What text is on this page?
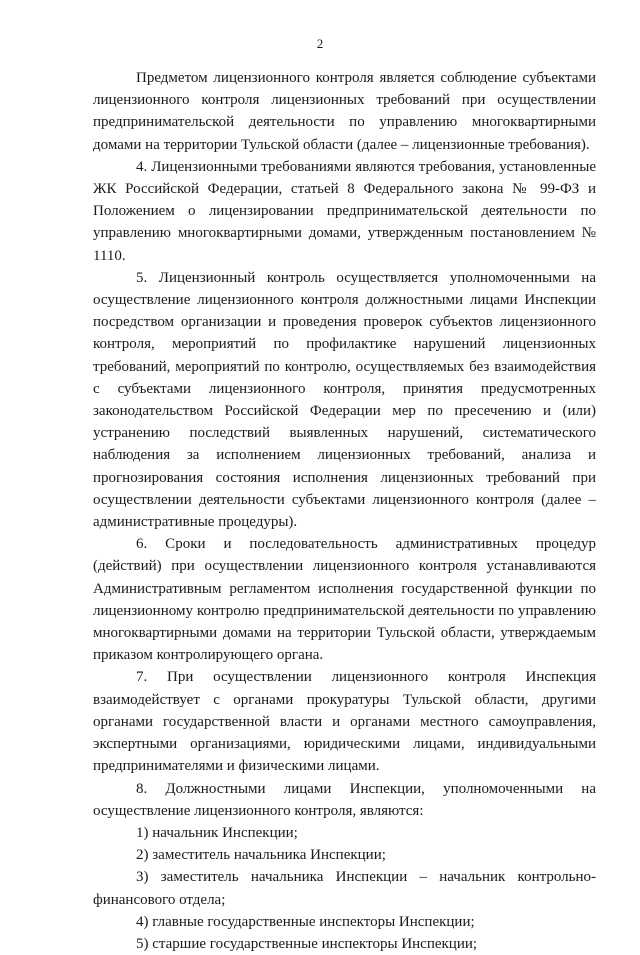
2

Предметом лицензионного контроля является соблюдение субъектами лицензионного контроля лицензионных требований при осуществлении предпринимательской деятельности по управлению многоквартирными домами на территории Тульской области (далее – лицензионные требования).

4. Лицензионными требованиями являются требования, установленные ЖК Российской Федерации, статьей 8 Федерального закона № 99-ФЗ и Положением о лицензировании предпринимательской деятельности по управлению многоквартирными домами, утвержденным постановлением № 1110.

5. Лицензионный контроль осуществляется уполномоченными на осуществление лицензионного контроля должностными лицами Инспекции посредством организации и проведения проверок субъектов лицензионного контроля, мероприятий по профилактике нарушений лицензионных требований, мероприятий по контролю, осуществляемых без взаимодействия с субъектами лицензионного контроля, принятия предусмотренных законодательством Российской Федерации мер по пресечению и (или) устранению последствий выявленных нарушений, систематического наблюдения за исполнением лицензионных требований, анализа и прогнозирования состояния исполнения лицензионных требований при осуществлении деятельности субъектами лицензионного контроля (далее – административные процедуры).

6. Сроки и последовательность административных процедур (действий) при осуществлении лицензионного контроля устанавливаются Административным регламентом исполнения государственной функции по лицензионному контролю предпринимательской деятельности по управлению многоквартирными домами на территории Тульской области, утверждаемым приказом контролирующего органа.

7. При осуществлении лицензионного контроля Инспекция взаимодействует с органами прокуратуры Тульской области, другими органами государственной власти и органами местного самоуправления, экспертными организациями, юридическими лицами, индивидуальными предпринимателями и физическими лицами.

8. Должностными лицами Инспекции, уполномоченными на осуществление лицензионного контроля, являются:

1) начальник Инспекции;

2) заместитель начальника Инспекции;

3) заместитель начальника Инспекции – начальник контрольно-финансового отдела;

4) главные государственные инспекторы Инспекции;

5) старшие государственные инспекторы Инспекции;
